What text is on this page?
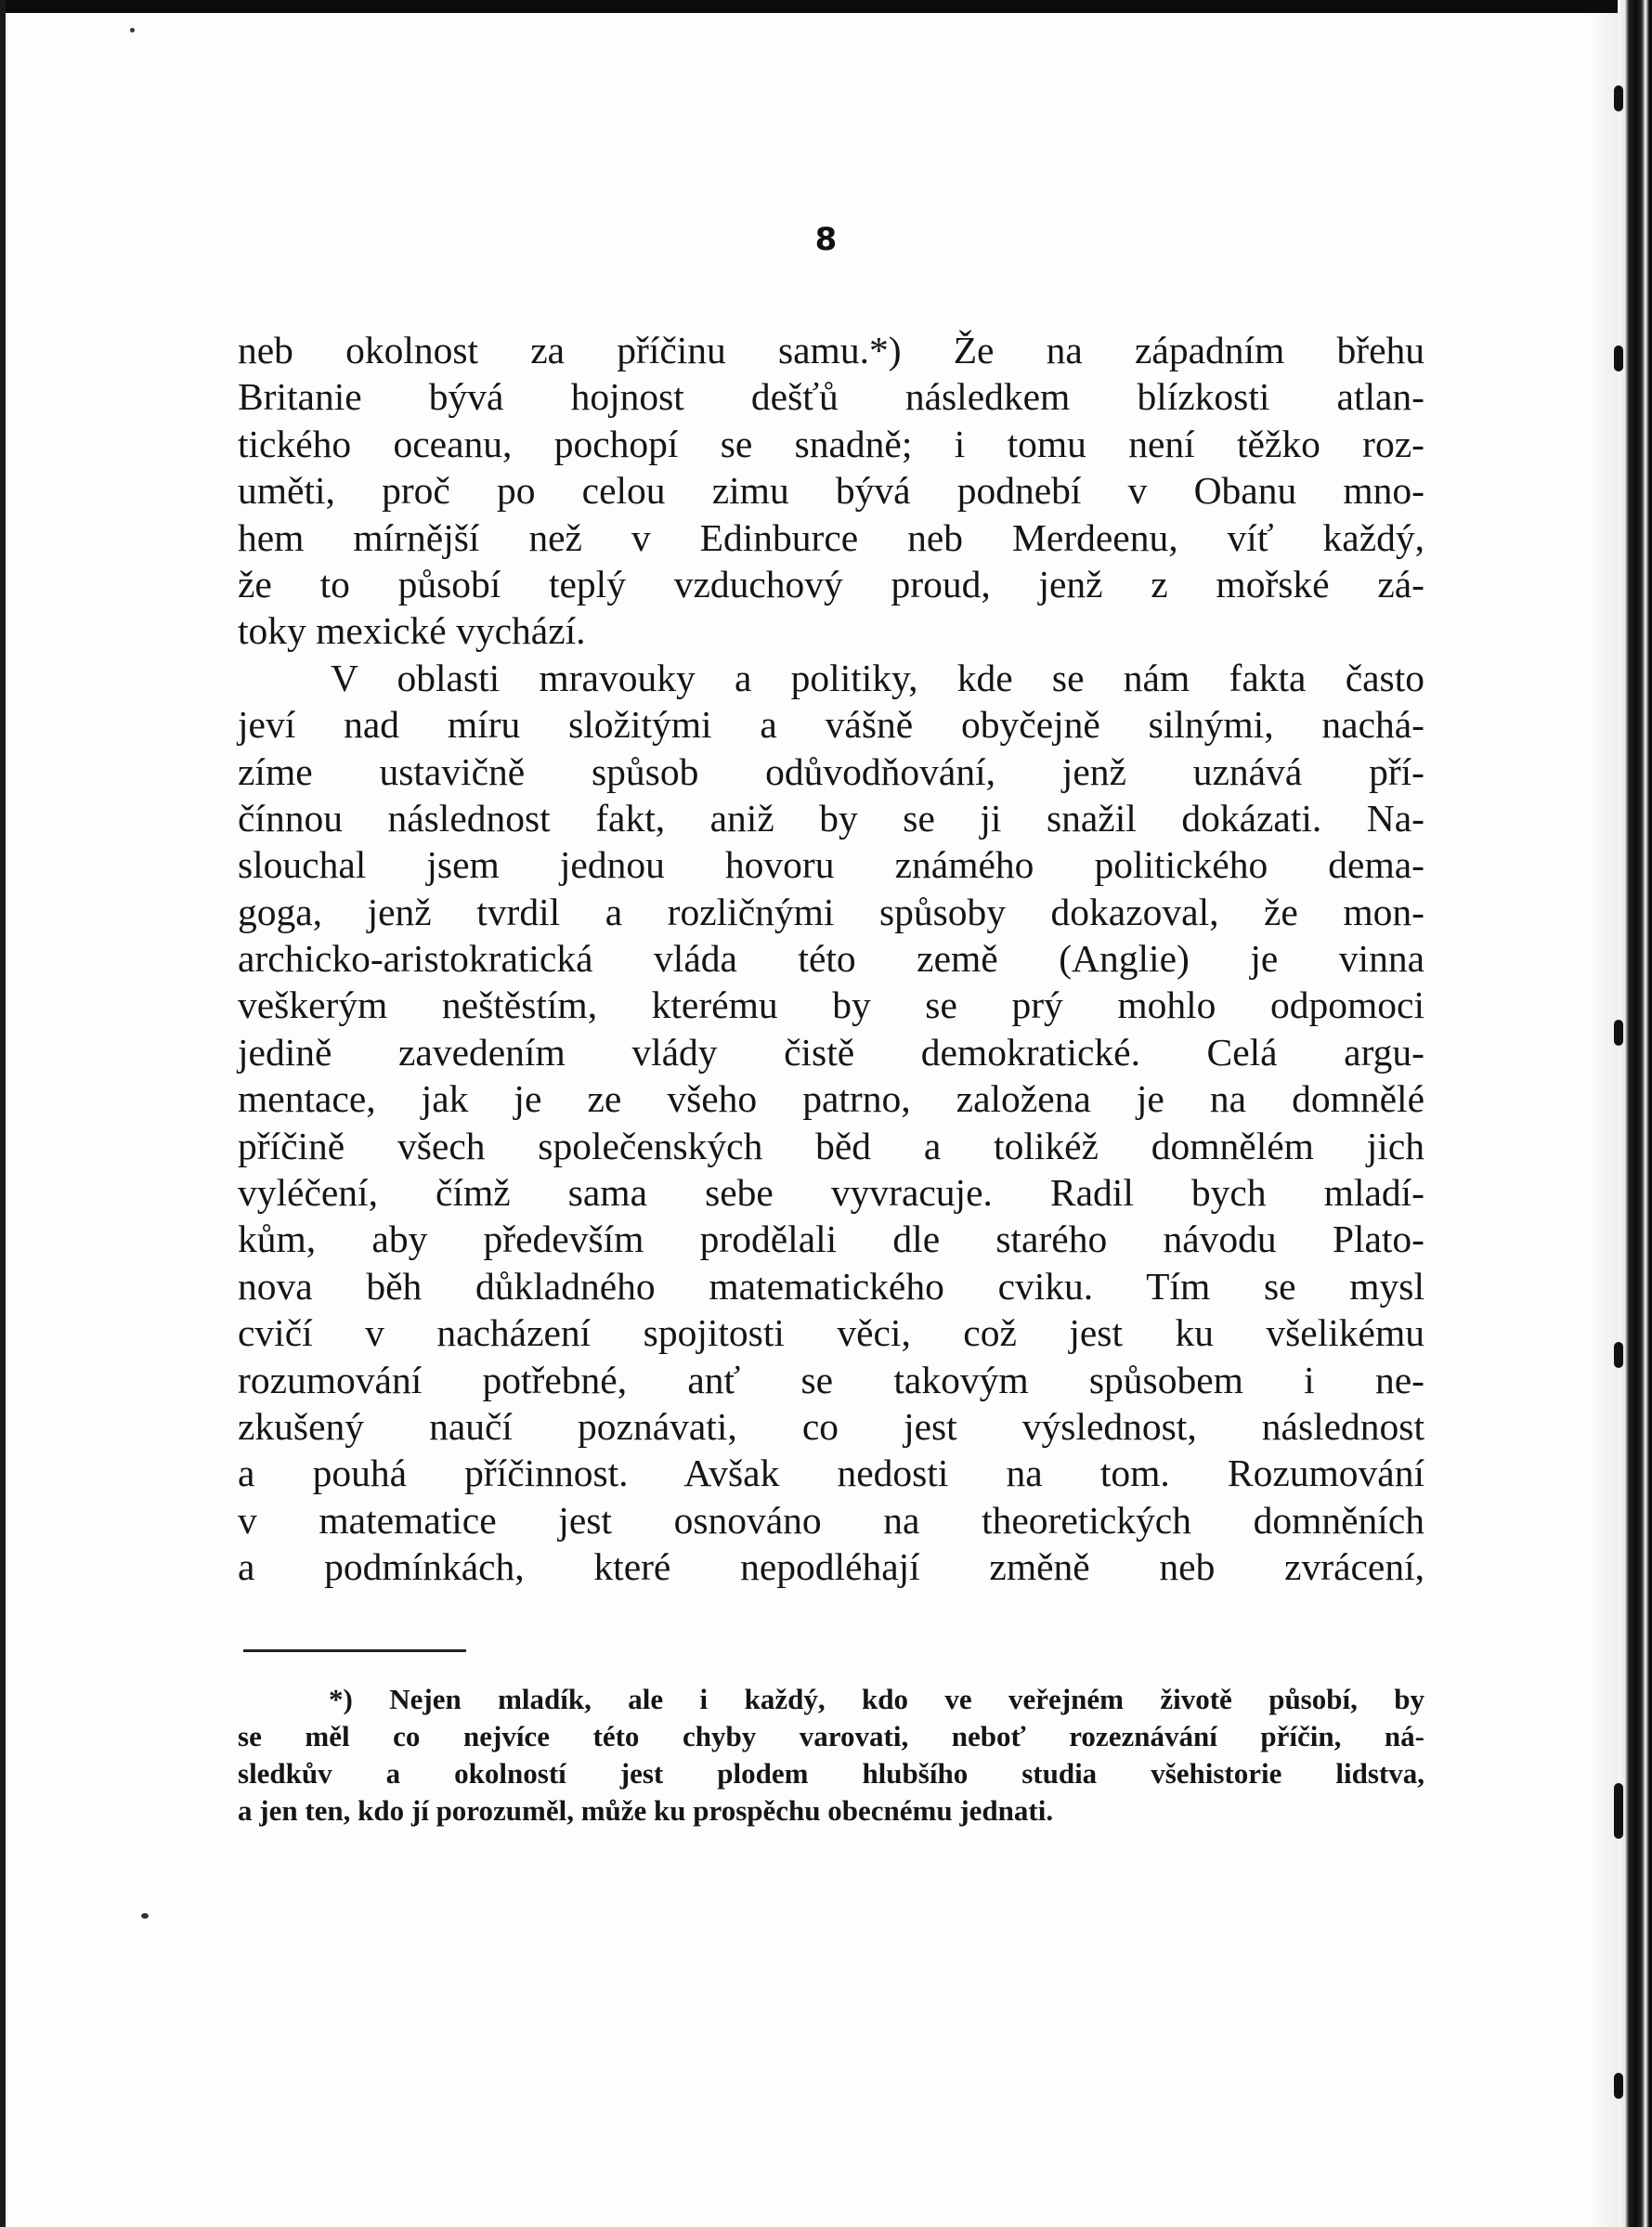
8
neb okolnost za příčinu samu.*) Že na západním břehu
Britanie bývá hojnost dešťů následkem blízkosti atlan-
tického oceanu, pochopí se snadně; i tomu není těžko roz-
uměti, proč po celou zimu bývá podnebí v Obanu mno-
hem mírnější než v Edinburce neb Merdeenu, víť každý,
že to působí teplý vzduchový proud, jenž z mořské zá-
toky mexické vychází.
V oblasti mravouky a politiky, kde se nám fakta často
jeví nad míru složitými a vášně obyčejně silnými, nachá-
zíme ustavičně spůsob odůvodňování, jenž uznává pří-
čínnou následnost fakt, aniž by se ji snažil dokázati. Na-
slouchal jsem jednou hovoru známého politického dema-
goga, jenž tvrdil a rozličnými spůsoby dokazoval, že mon-
archicko-aristokratická vláda této země (Anglie) je vinna
veškerým neštěstím, kterému by se prý mohlo odpomoci
jedině zavedením vlády čistě demokratické. Celá argu-
mentace, jak je ze všeho patrno, založena je na domnělé
příčině všech společenských běd a tolikéž domnělém jich
vyléčení, čímž sama sebe vyvracuje. Radil bych mladí-
kům, aby především prodělali dle starého návodu Plato-
nova běh důkladného matematického cviku. Tím se mysl
cvičí v nacházení spojitosti věci, což jest ku všelikému
rozumování potřebné, anť se takovým spůsobem i ne-
zkušený naučí poznávati, co jest výslednost, následnost
a pouhá příčinnost. Avšak nedosti na tom. Rozumování
v matematice jest osnováno na theoretických domněních
a podmínkách, které nepodléhají změně neb zvrácení,
*) Nejen mladík, ale i každý, kdo ve veřejném životě působí, by
se měl co nejvíce této chyby varovati, neboť rozeznávání příčin, ná-
sledkův a okolností jest plodem hlubšího studia všehistorie lidstva,
a jen ten, kdo jí porozuměl, může ku prospěchu obecnému jednati.
